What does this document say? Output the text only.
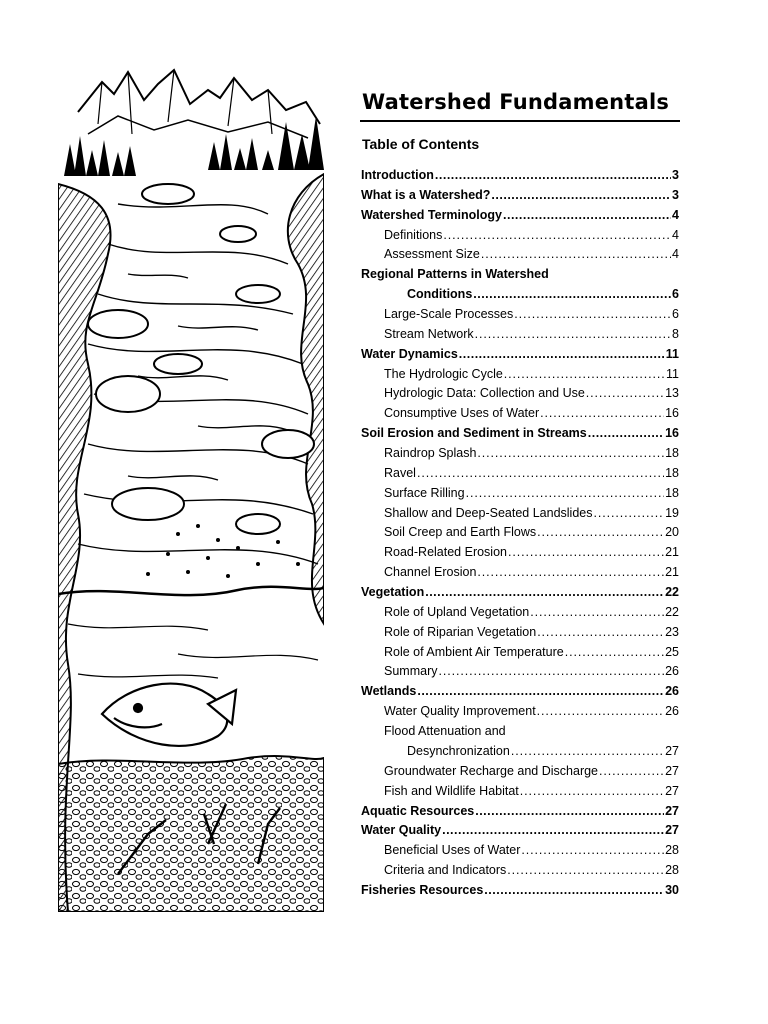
Watershed Fundamentals
Table of Contents
Introduction .....	3
What is a Watershed? .....	3
Watershed Terminology .....	4
Definitions .....	4
Assessment Size .....	4
Regional Patterns in Watershed
Conditions .....	6
Large-Scale Processes .....	6
Stream Network .....	8
Water Dynamics .....	11
The Hydrologic Cycle .....	11
Hydrologic Data: Collection and Use .....	13
Consumptive Uses of Water .....	16
Soil Erosion and Sediment in Streams .....	16
Raindrop Splash .....	18
Ravel .....	18
Surface Rilling .....	18
Shallow and Deep-Seated Landslides .....	19
Soil Creep and Earth Flows .....	20
Road-Related Erosion .....	21
Channel Erosion .....	21
Vegetation .....	22
Role of Upland Vegetation .....	22
Role of Riparian Vegetation .....	23
Role of Ambient Air Temperature .....	25
Summary .....	26
Wetlands .....	26
Water Quality Improvement .....	26
Flood Attenuation and
Desynchronization .....	27
Groundwater Recharge and Discharge .....	27
Fish and Wildlife Habitat .....	27
Aquatic Resources .....	27
Water Quality .....	27
Beneficial Uses of Water .....	28
Criteria and Indicators .....	28
Fisheries Resources .....	30
